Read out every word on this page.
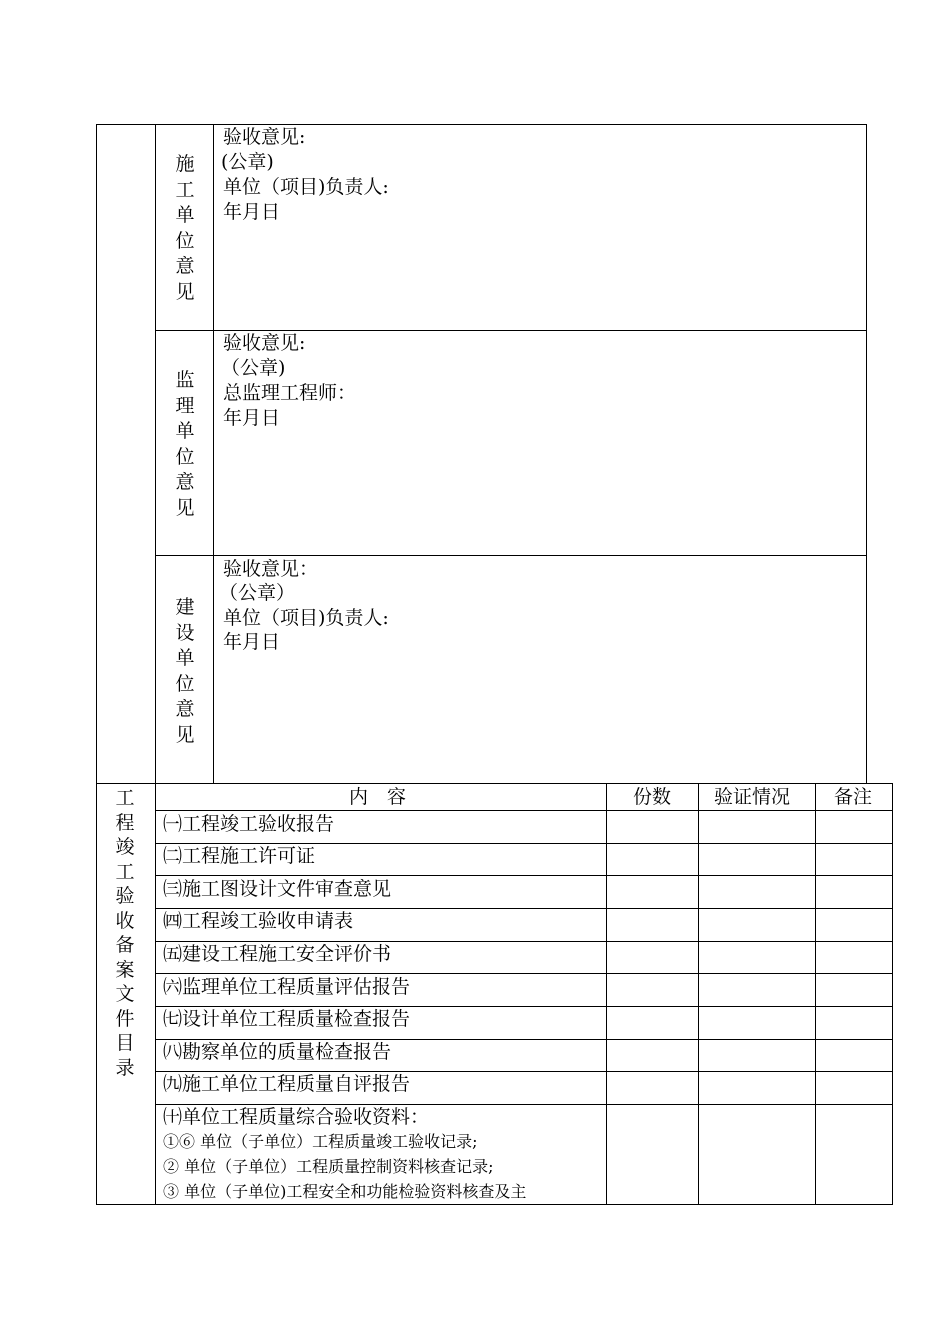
施工单位意见
验收意见:
(公章)
单位（项目)负责人:
年月日
监理单位意见
验收意见:
（公章)
总监理工程师：
年月日
建设单位意见
验收意见：
（公章）
单位（项目)负责人:
年月日
工程竣工验收备案文件目录
内　容	份数 验证情况 备注
㈠工程竣工验收报告
㈡工程施工许可证
㈢施工图设计文件审查意见
㈣工程竣工验收申请表
㈤建设工程施工安全评价书
㈥监理单位工程质量评估报告
㈦设计单位工程质量检查报告
㈧勘察单位的质量检查报告
㈨施工单位工程质量自评报告
㈩单位工程质量综合验收资料：
①⑥ 单位（子单位）工程质量竣工验收记录;
② 单位（子单位）工程质量控制资料核查记录;
③ 单位（子单位)工程安全和功能检验资料核查及主
